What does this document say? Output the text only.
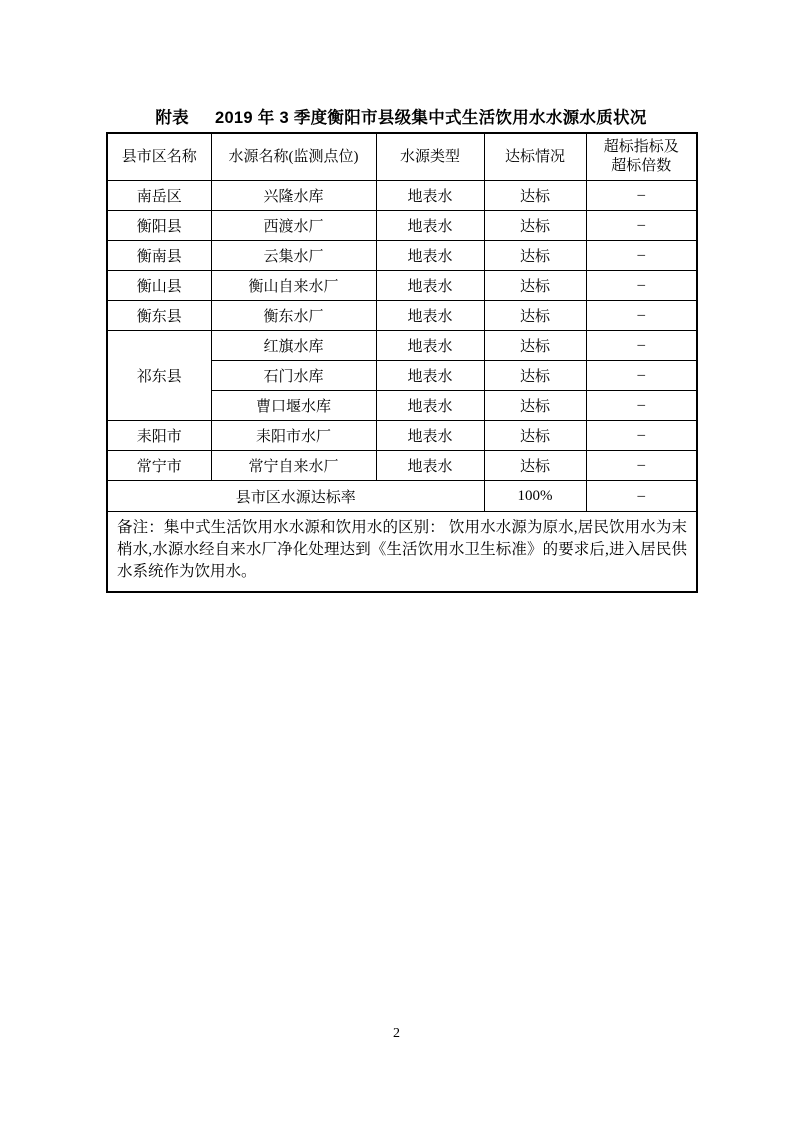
附表 2019 年 3 季度衡阳市县级集中式生活饮用水水源水质状况
县市区名称	水源名称(监测点位)	水源类型	达标情况	超标指标及
超标倍数

南岳区	兴隆水库	地表水	达标	–
衡阳县	西渡水厂	地表水	达标	–
衡南县	云集水厂	地表水	达标	–
衡山县	衡山自来水厂	地表水	达标	–
衡东县	衡东水厂	地表水	达标	–
祁东县	红旗水库	地表水	达标	–
	石门水库	地表水	达标	–
	曹口堰水库	地表水	达标	–
耒阳市	耒阳市水厂	地表水	达标	–
常宁市	常宁自来水厂	地表水	达标	–
县市区水源达标率			100%	–
备注：集中式生活饮用水水源和饮用水的区别： 饮用水水源为原水,居民饮用水为末梢水,水源水经自来水厂净化处理达到《生活饮用水卫生标准》的要求后,进入居民供水系统作为饮用水。				
2
